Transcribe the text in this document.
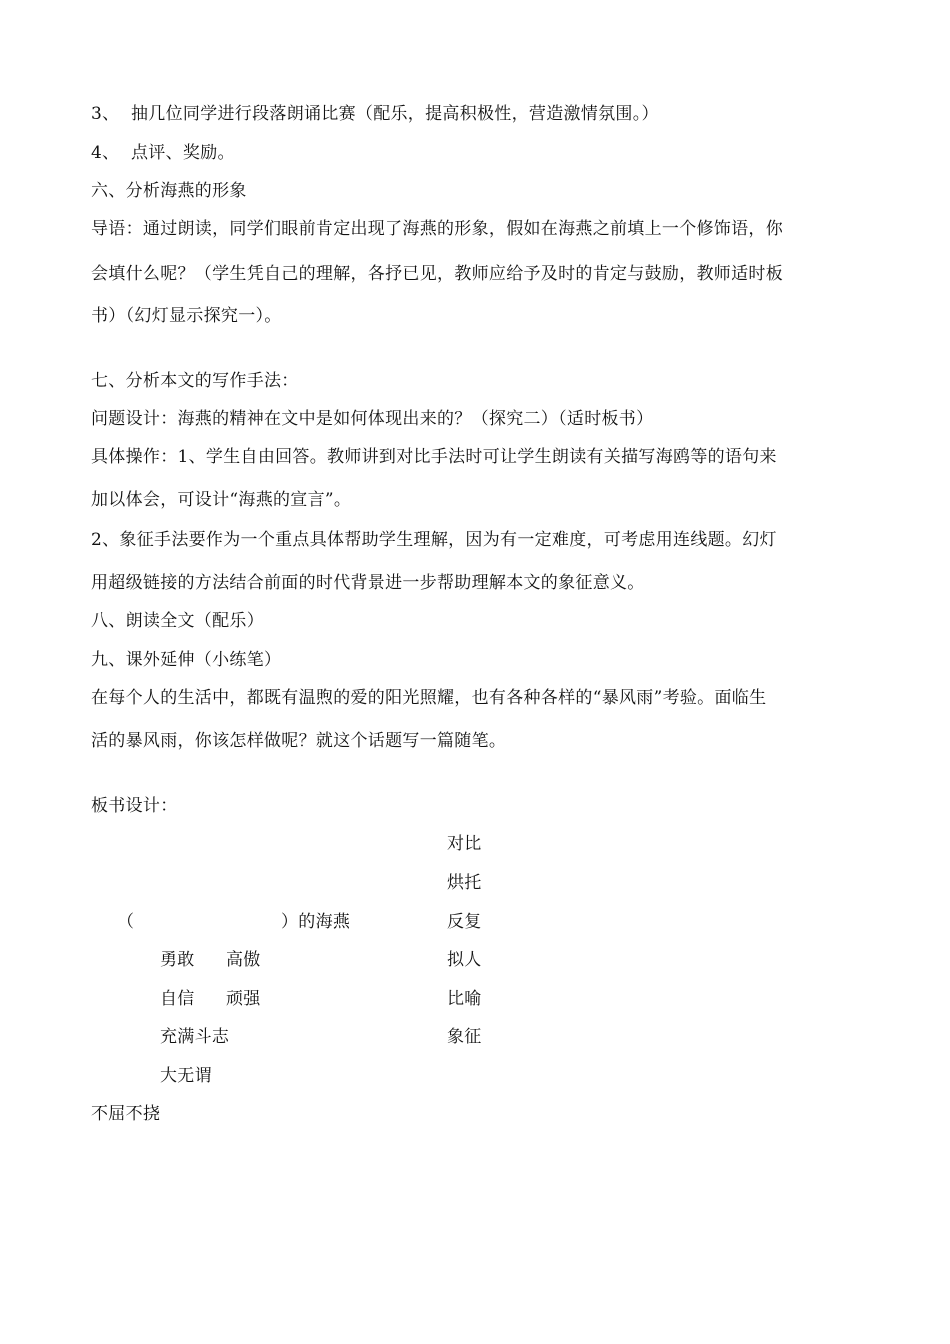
3、 抽几位同学进行段落朗诵比赛（配乐，提高积极性，营造激情氛围。）
4、 点评、奖励。
六、分析海燕的形象
导语：通过朗读，同学们眼前肯定出现了海燕的形象，假如在海燕之前填上一个修饰语，你
会填什么呢？（学生凭自己的理解，各抒已见，教师应给予及时的肯定与鼓励，教师适时板
书）（幻灯显示探究一）。
七、分析本文的写作手法：
问题设计：海燕的精神在文中是如何体现出来的？（探究二）（适时板书）
具体操作：1、学生自由回答。教师讲到对比手法时可让学生朗读有关描写海鸥等的语句来
加以体会，可设计“海燕的宣言”。
2、象征手法要作为一个重点具体帮助学生理解，因为有一定难度，可考虑用连线题。幻灯
用超级链接的方法结合前面的时代背景进一步帮助理解本文的象征意义。
八、朗读全文（配乐）
九、课外延伸（小练笔）
在每个人的生活中，都既有温煦的爱的阳光照耀，也有各种各样的“暴风雨”考验。面临生
活的暴风雨，你该怎样做呢？就这个话题写一篇随笔。
板书设计：
（	）的海燕
勇敢 高傲
自信 顽强
充满斗志
大无谓
不屈不挠
对比
烘托
反复
拟人
比喻
象征
